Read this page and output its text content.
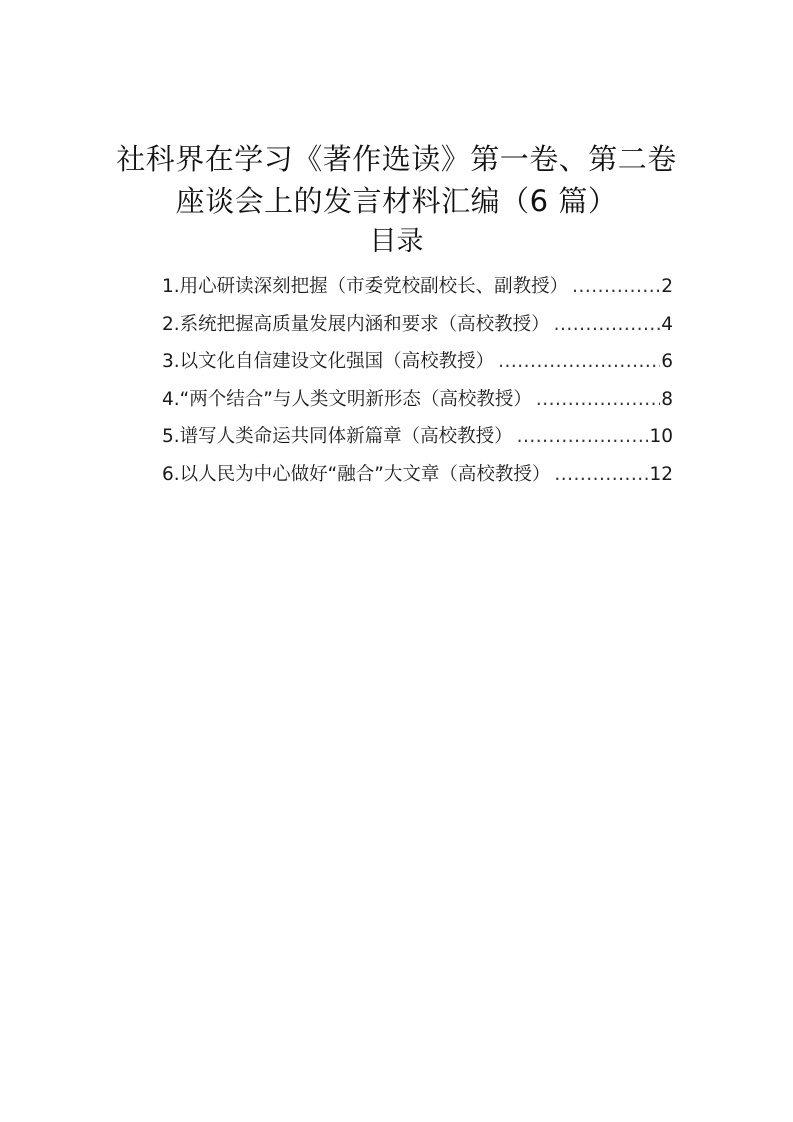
社科界在学习《著作选读》第一卷、第二卷
座谈会上的发言材料汇编（6 篇）
目录
1.用心研读深刻把握（市委党校副校长、副教授） .....	2
2.系统把握高质量发展内涵和要求（高校教授） .....	4
3.以文化自信建设文化强国（高校教授） .....	6
4.“两个结合”与人类文明新形态（高校教授） .....	8
5.谱写人类命运共同体新篇章（高校教授） .....	10
6.以人民为中心做好“融合”大文章（高校教授） .....	12
